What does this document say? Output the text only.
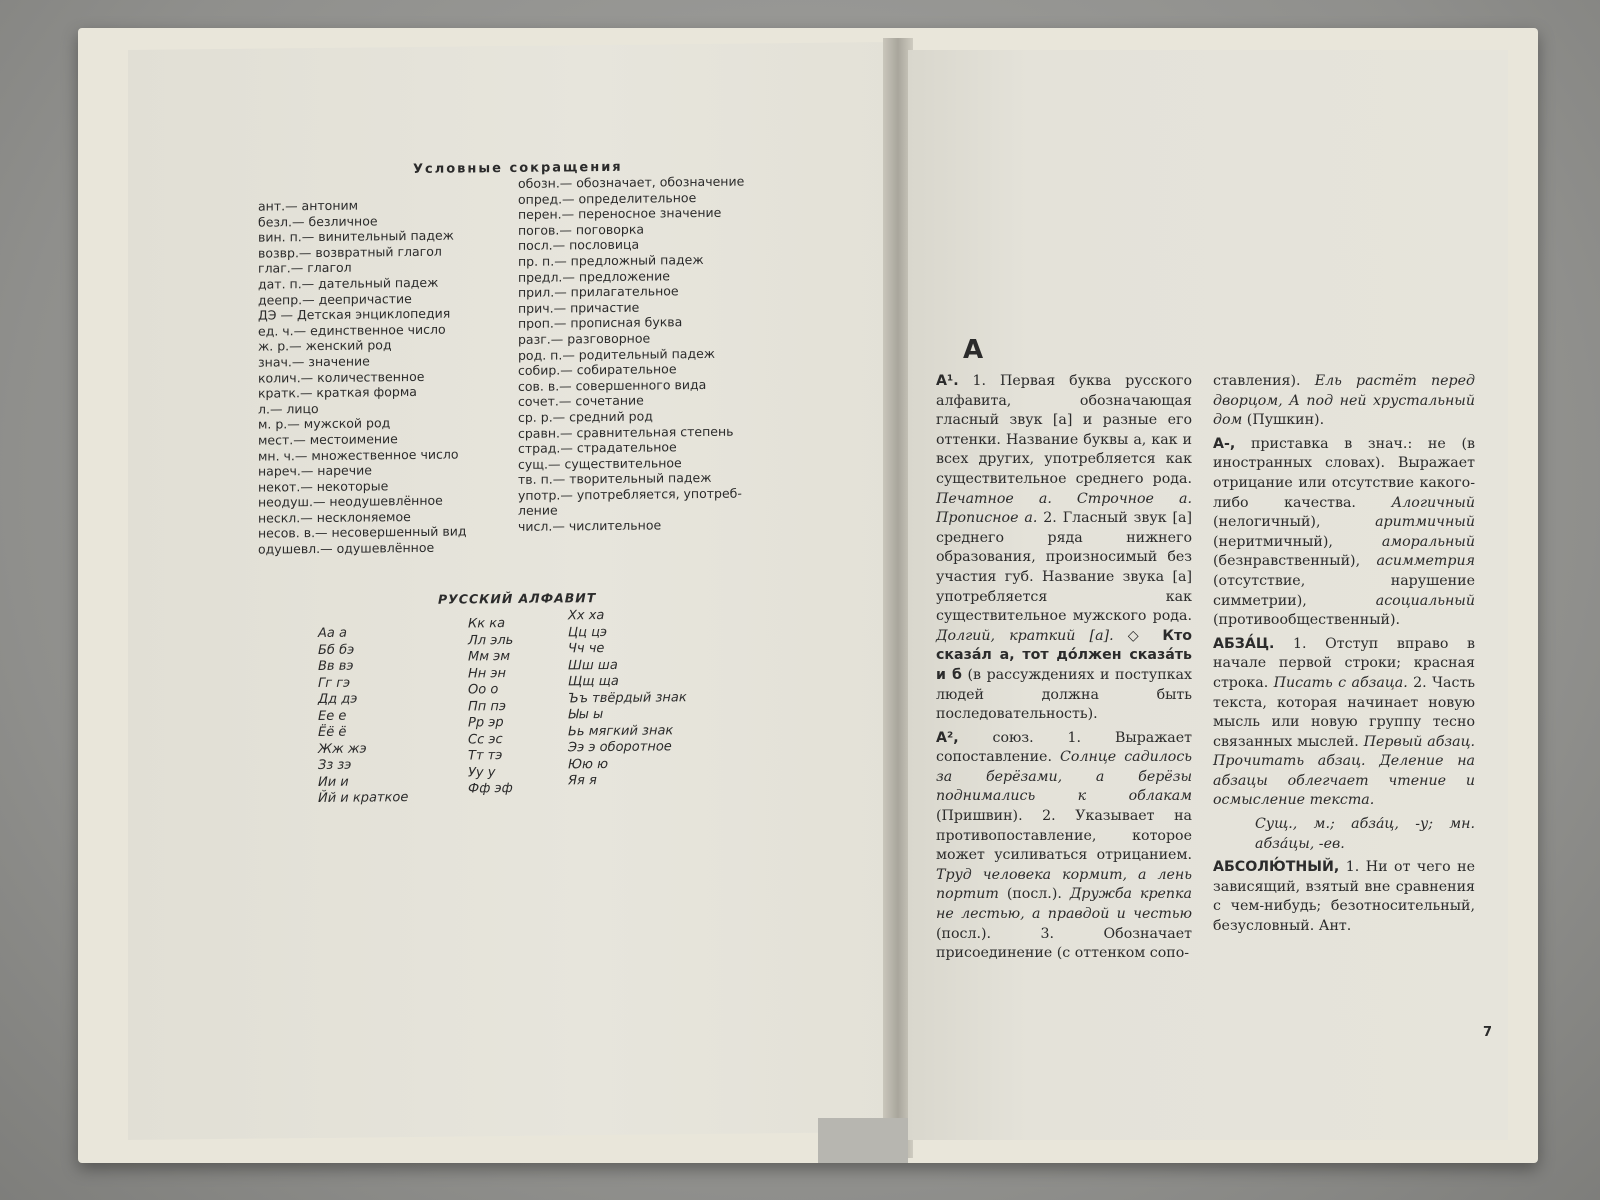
Условные сокращения
ант.— антоним
безл.— безличное
вин. п.— винительный падеж
возвр.— возвратный глагол
глаг.— глагол
дат. п.— дательный падеж
деепр.— деепричастие
ДЭ — Детская энциклопедия
ед. ч.— единственное число
ж. р.— женский род
знач.— значение
колич.— количественное
кратк.— краткая форма
л.— лицо
м. р.— мужской род
мест.— местоимение
мн. ч.— множественное число
нареч.— наречие
некот.— некоторые
неодуш.— неодушевлённое
нескл.— несклоняемое
несов. в.— несовершенный вид
одушевл.— одушевлённое
обозн.— обозначает, обозначение
опред.— определительное
перен.— переносное значение
погов.— поговорка
посл.— пословица
пр. п.— предложный падеж
предл.— предложение
прил.— прилагательное
прич.— причастие
проп.— прописная буква
разг.— разговорное
род. п.— родительный падеж
собир.— собирательное
сов. в.— совершенного вида
сочет.— сочетание
ср. р.— средний род
сравн.— сравнительная степень
страд.— страдательное
сущ.— существительное
тв. п.— творительный падеж
употр.— употребляется, употреб-
ление
числ.— числительное
РУССКИЙ АЛФАВИТ
Аа а
Бб бэ
Вв вэ
Гг гэ
Дд дэ
Ее е
Ёё ё
Жж жэ
Зз зэ
Ии и
Йй и краткое
Кк ка
Лл эль
Мм эм
Нн эн
Оо о
Пп пэ
Рр эр
Сс эс
Тт тэ
Уу у
Фф эф
Хх ха
Цц цэ
Чч че
Шш ша
Щщ ща
Ъъ твёрдый знак
Ыы ы
Ьь мягкий знак
Ээ э оборотное
Юю ю
Яя я
А

А¹. 1. Первая буква русского алфавита, обозначающая гласный звук [а] и разные его оттенки. Название буквы а, как и всех других, употребляется как существительное среднего рода. Печатное а. Строчное а. Прописное а. 2. Гласный звук [а] среднего ряда нижнего образования, произносимый без участия губ. Название звука [а] употребляется как существительное мужского рода. Долгий, краткий [а]. ◇ Кто сказа́л а, тот до́лжен сказа́ть и б (в рассуждениях и поступках людей должна быть последовательность).

А², союз. 1. Выражает сопоставление. Солнце садилось за берёзами, а берёзы поднимались к облакам (Пришвин). 2. Указывает на противопоставление, которое может усиливаться отрицанием. Труд человека кормит, а лень портит (посл.). Дружба крепка не лестью, а правдой и честью (посл.). 3. Обозначает присоединение (с оттенком сопо-

ставления). Ель растёт перед дворцом, А под ней хрустальный дом (Пушкин).

А-, приставка в знач.: не (в иностранных словах). Выражает отрицание или отсутствие какого-либо качества. Алогичный (нелогичный), аритмичный (неритмичный), аморальный (безнравственный), асимметрия (отсутствие, нарушение симметрии), асоциальный (противообщественный).

АБЗА́Ц. 1. Отступ вправо в начале первой строки; красная строка. Писать с абзаца. 2. Часть текста, которая начинает новую мысль или новую группу тесно связанных мыслей. Первый абзац. Прочитать абзац. Деление на абзацы облегчает чтение и осмысление текста.

Сущ., м.; абза́ц, -у; мн. абза́цы, -ев.

АБСОЛЮ́ТНЫЙ, 1. Ни от чего не зависящий, взятый вне сравнения с чем-нибудь; безотносительный, безусловный. Ант.

7
